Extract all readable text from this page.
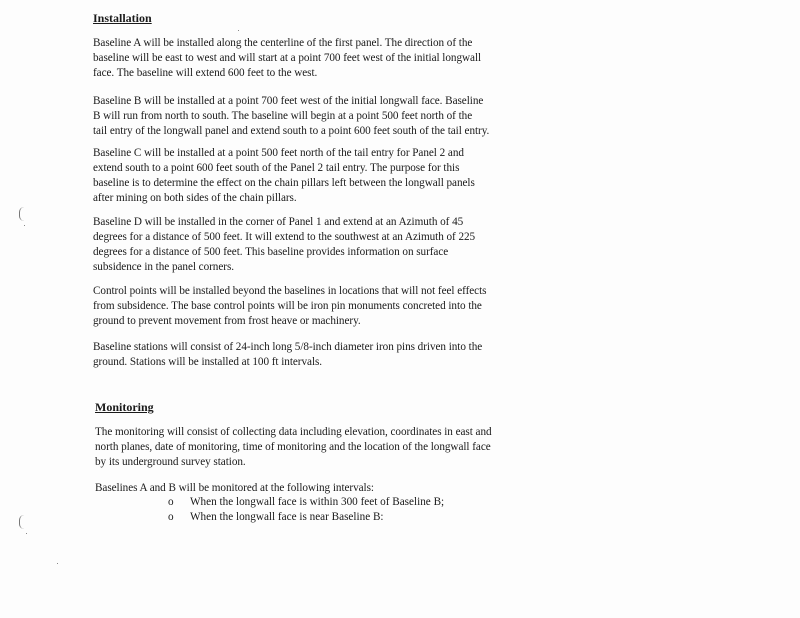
Installation
Baseline A will be installed along the centerline of the first panel. The direction of the
baseline will be east to west and will start at a point 700 feet west of the initial longwall
face. The baseline will extend 600 feet to the west.
Baseline B will be installed at a point 700 feet west of the initial longwall face. Baseline
B will run from north to south. The baseline will begin at a point 500 feet north of the
tail entry of the longwall panel and extend south to a point 600 feet south of the tail entry.
Baseline C will be installed at a point 500 feet north of the tail entry for Panel 2 and
extend south to a point 600 feet south of the Panel 2 tail entry. The purpose for this
baseline is to determine the effect on the chain pillars left between the longwall panels
after mining on both sides of the chain pillars.
Baseline D will be installed in the corner of Panel 1 and extend at an Azimuth of 45
degrees for a distance of 500 feet. It will extend to the southwest at an Azimuth of 225
degrees for a distance of 500 feet. This baseline provides information on surface
subsidence in the panel corners.
Control points will be installed beyond the baselines in locations that will not feel effects
from subsidence. The base control points will be iron pin monuments concreted into the
ground to prevent movement from frost heave or machinery.
Baseline stations will consist of 24-inch long 5/8-inch diameter iron pins driven into the
ground. Stations will be installed at 100 ft intervals.
Monitoring
The monitoring will consist of collecting data including elevation, coordinates in east and
north planes, date of monitoring, time of monitoring and the location of the longwall face
by its underground survey station.
Baselines A and B will be monitored at the following intervals:
o When the longwall face is within 300 feet of Baseline B;
o When the longwall face is near Baseline B:
